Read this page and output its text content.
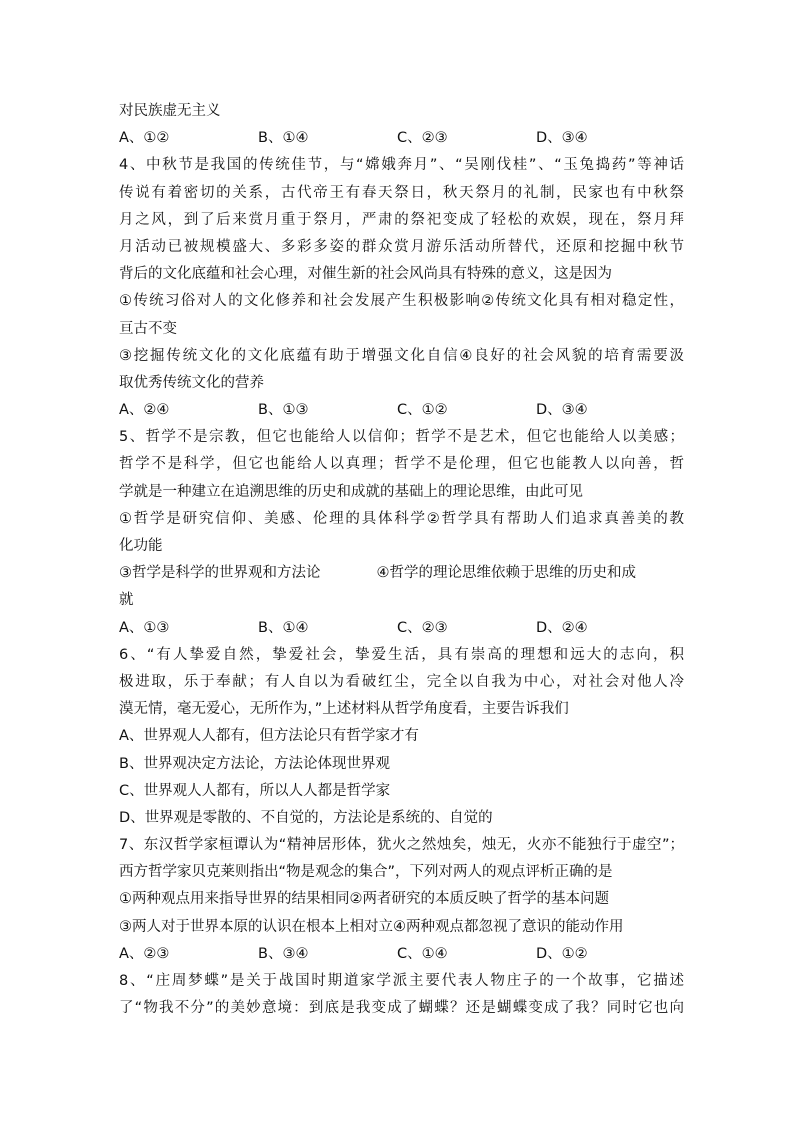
对民族虚无主义
A、①②	B、①④	C、②③	D、③④
4、中秋节是我国的传统佳节，与“嫦娥奔月”、“吴刚伐桂”、“玉兔捣药”等神话
传说有着密切的关系，古代帝王有春天祭日，秋天祭月的礼制，民家也有中秋祭
月之风，到了后来赏月重于祭月，严肃的祭祀变成了轻松的欢娱，现在，祭月拜
月活动已被规模盛大、多彩多姿的群众赏月游乐活动所替代，还原和挖掘中秋节
背后的文化底蕴和社会心理，对催生新的社会风尚具有特殊的意义，这是因为
①传统习俗对人的文化修养和社会发展产生积极影响②传统文化具有相对稳定性，
亘古不变
③挖掘传统文化的文化底蕴有助于增强文化自信④良好的社会风貌的培育需要汲
取优秀传统文化的营养
A、②④	B、①③	C、①②	D、③④
5、哲学不是宗教，但它也能给人以信仰；哲学不是艺术，但它也能给人以美感；
哲学不是科学，但它也能给人以真理；哲学不是伦理，但它也能教人以向善，哲
学就是一种建立在追溯思维的历史和成就的基础上的理论思维，由此可见
①哲学是研究信仰、美感、伦理的具体科学②哲学具有帮助人们追求真善美的教
化功能
③哲学是科学的世界观和方法论	④哲学的理论思维依赖于思维的历史和成
就
A、①③	B、①④	C、②③	D、②④
6、“有人挚爱自然，挚爱社会，挚爱生活，具有崇高的理想和远大的志向，积
极进取，乐于奉献；有人自以为看破红尘，完全以自我为中心，对社会对他人冷
漠无情，毫无爱心，无所作为，”上述材料从哲学角度看，主要告诉我们
A、世界观人人都有，但方法论只有哲学家才有
B、世界观决定方法论，方法论体现世界观
C、世界观人人都有，所以人人都是哲学家
D、世界观是零散的、不自觉的，方法论是系统的、自觉的
7、东汉哲学家桓谭认为“精神居形体，犹火之然烛矣，烛无，火亦不能独行于虚空”；
西方哲学家贝克莱则指出“物是观念的集合”，下列对两人的观点评析正确的是
①两种观点用来指导世界的结果相同②两者研究的本质反映了哲学的基本问题
③两人对于世界本原的认识在根本上相对立④两种观点都忽视了意识的能动作用
A、②③	B、③④	C、①④	D、①②
8、“庄周梦蝶”是关于战国时期道家学派主要代表人物庄子的一个故事，它描述
了“物我不分”的美妙意境：到底是我变成了蝴蝶？还是蝴蝶变成了我？同时它也向
